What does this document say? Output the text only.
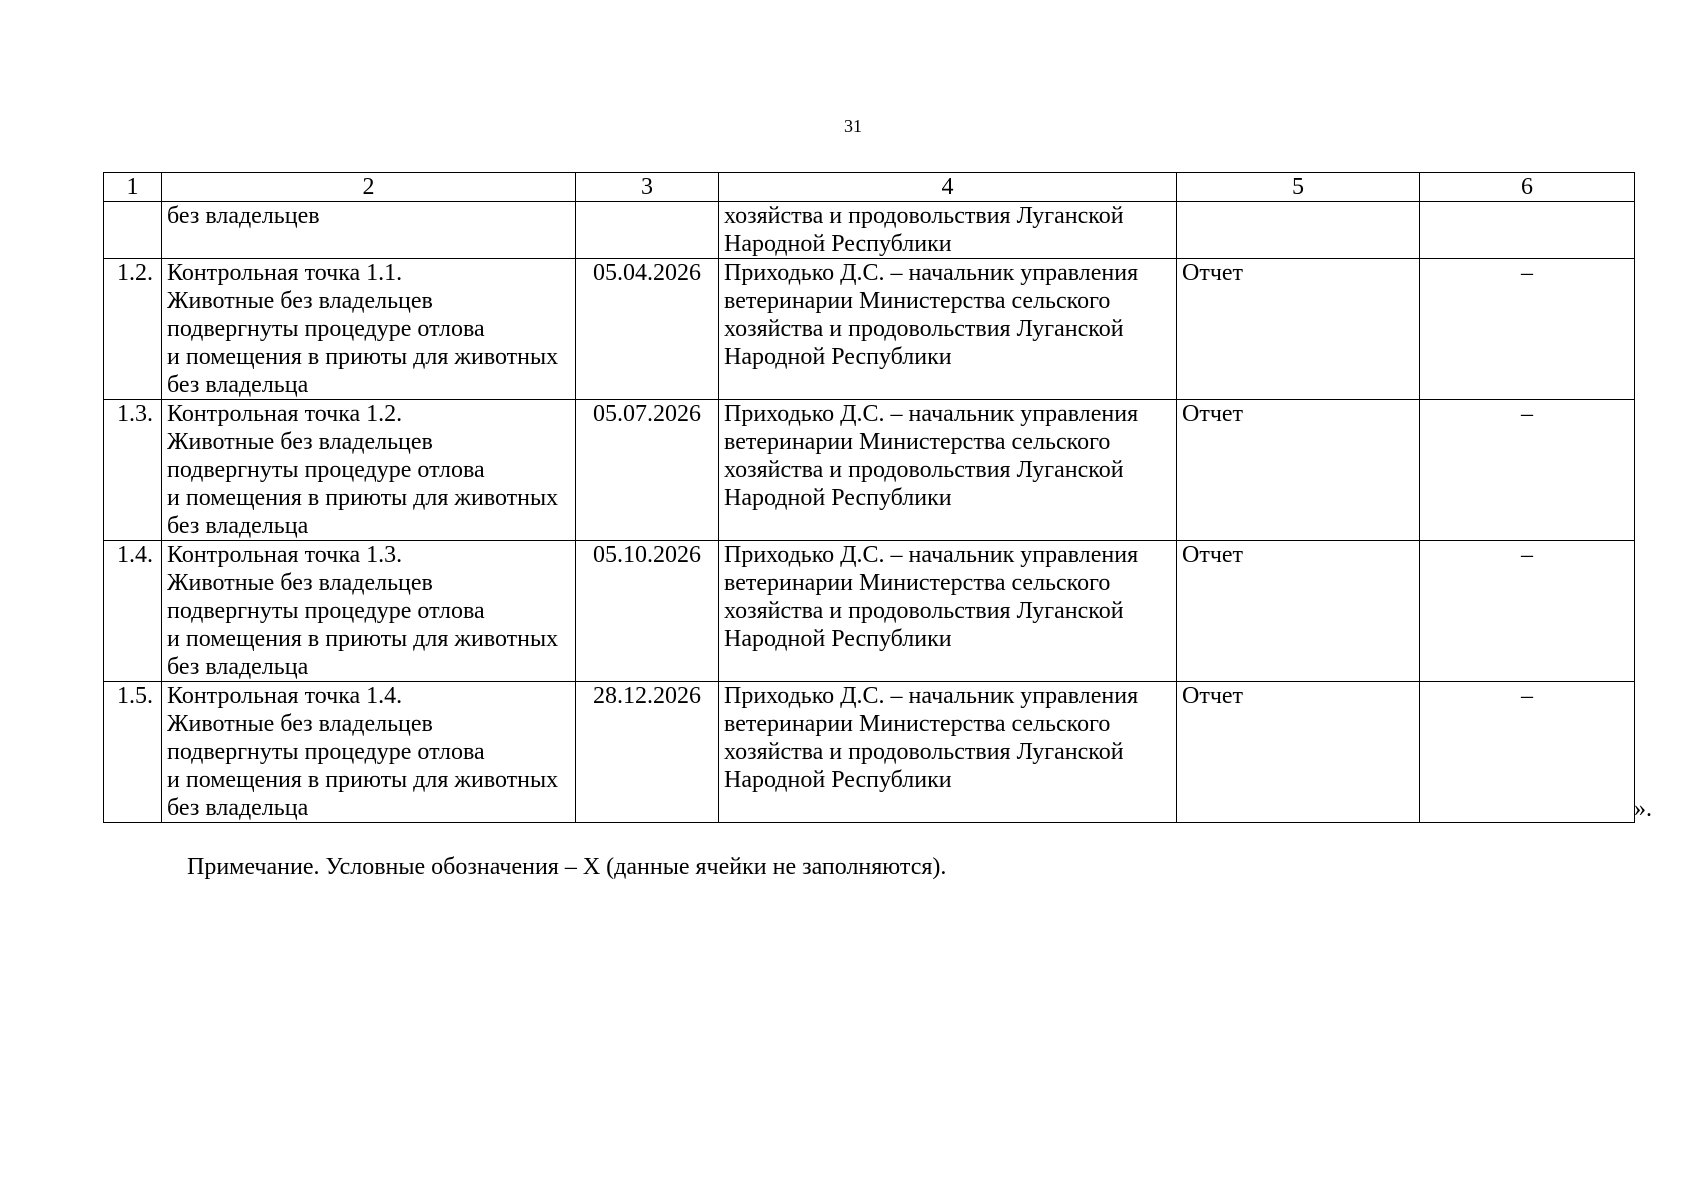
31
1	2	3	4	5	6

	без владельцев		хозяйства и продовольствия Луганской
Народной Республики		

1.2.	Контрольная точка 1.1.
Животные без владельцев
подвергнуты процедуре отлова
и помещения в приюты для животных
без владельца	05.04.2026	Приходько Д.С. – начальник управления
ветеринарии Министерства сельского
хозяйства и продовольствия Луганской
Народной Республики	Отчет	–
1.3.	Контрольная точка 1.2.
Животные без владельцев
подвергнуты процедуре отлова
и помещения в приюты для животных
без владельца	05.07.2026	Приходько Д.С. – начальник управления
ветеринарии Министерства сельского
хозяйства и продовольствия Луганской
Народной Республики	Отчет	–
1.4.	Контрольная точка 1.3.
Животные без владельцев
подвергнуты процедуре отлова
и помещения в приюты для животных
без владельца	05.10.2026	Приходько Д.С. – начальник управления
ветеринарии Министерства сельского
хозяйства и продовольствия Луганской
Народной Республики	Отчет	–
1.5.	Контрольная точка 1.4.
Животные без владельцев
подвергнуты процедуре отлова
и помещения в приюты для животных
без владельца	28.12.2026	Приходько Д.С. – начальник управления
ветеринарии Министерства сельского
хозяйства и продовольствия Луганской
Народной Республики	Отчет	–
».
Примечание. Условные обозначения – X (данные ячейки не заполняются).
